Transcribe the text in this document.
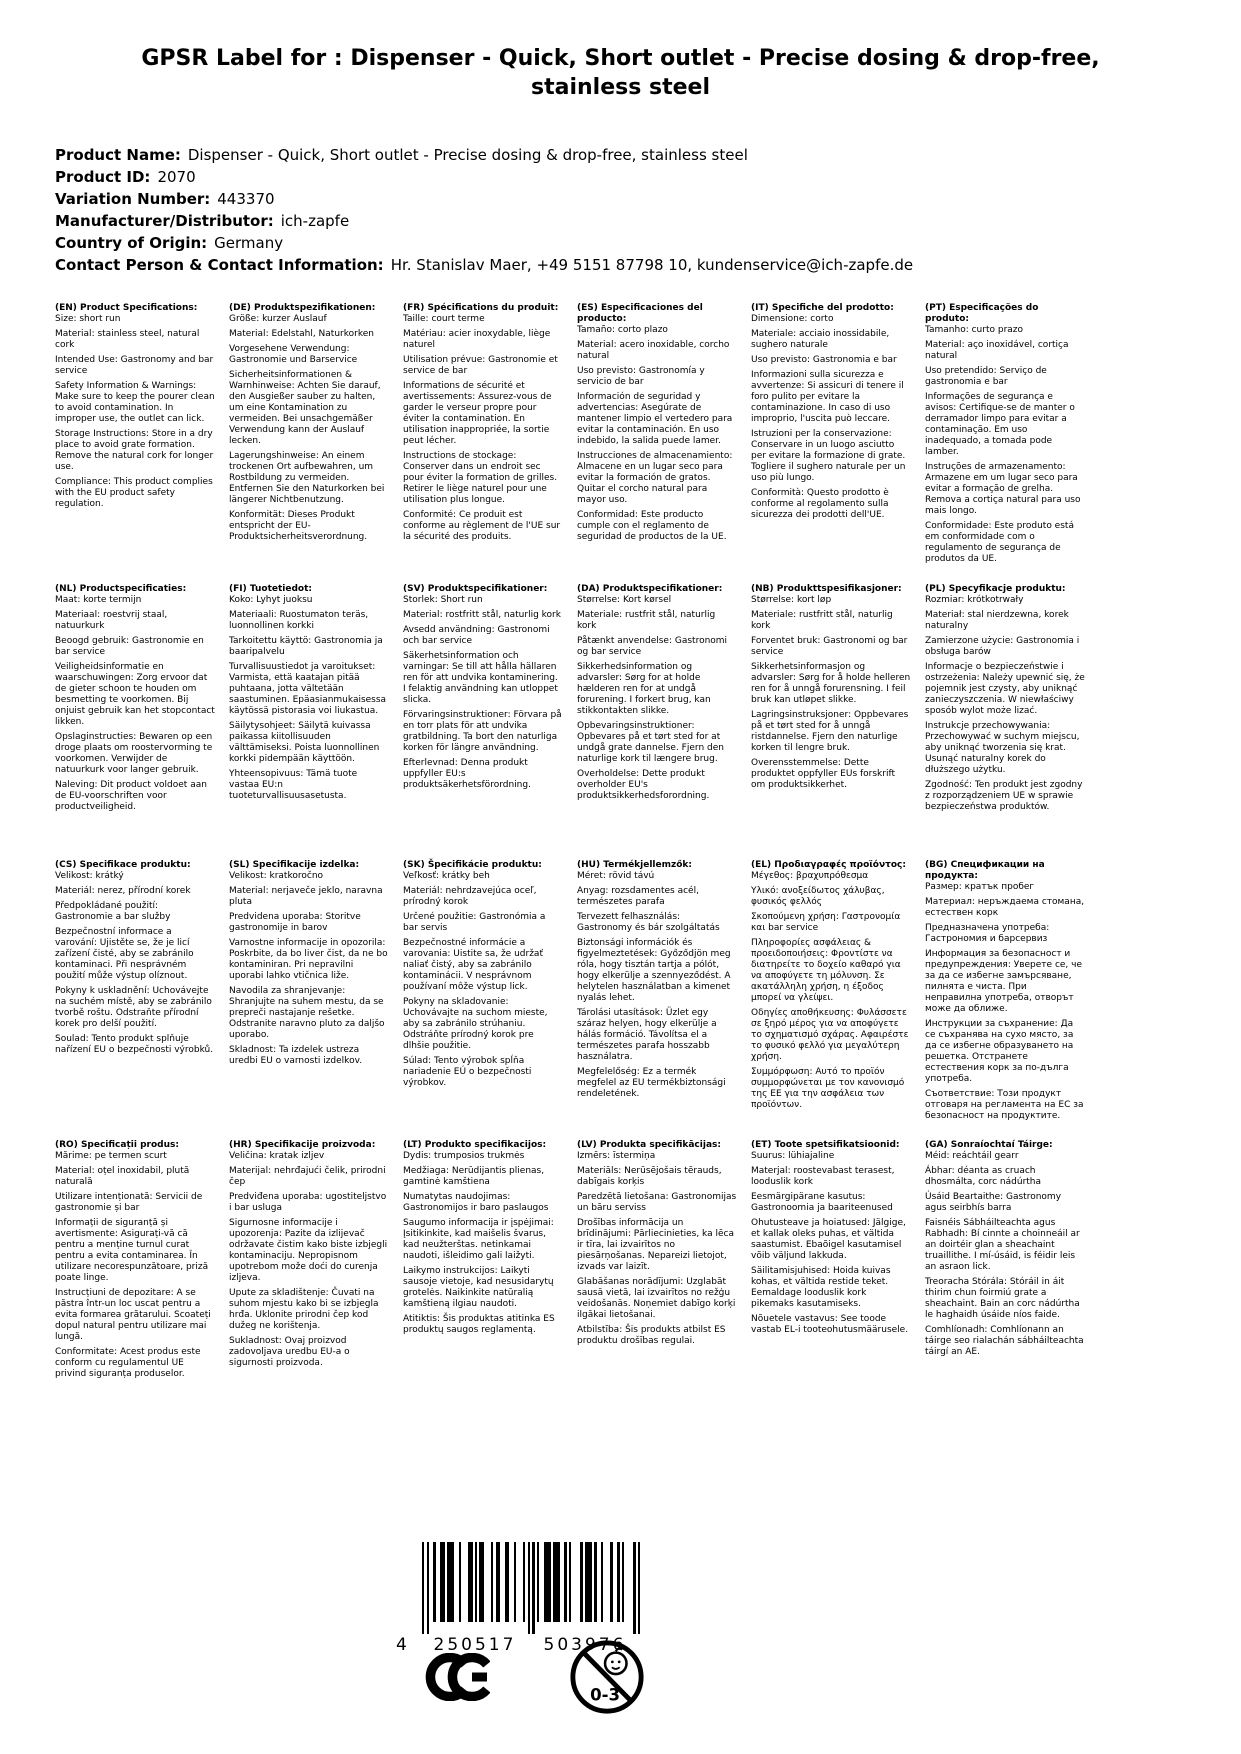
GPSR Label for : Dispenser - Quick, Short outlet - Precise dosing & drop-free, stainless steel
Product Name: Dispenser - Quick, Short outlet - Precise dosing & drop-free, stainless steel
Product ID: 2070
Variation Number: 443370
Manufacturer/Distributor: ich-zapfe
Country of Origin: Germany
Contact Person & Contact Information: Hr. Stanislav Maer, +49 5151 87798 10, kundenservice@ich-zapfe.de
(EN) Product Specifications:

Size: short run

Material: stainless steel, natural cork

Intended Use: Gastronomy and bar service

Safety Information & Warnings: Make sure to keep the pourer clean to avoid contamination. In improper use, the outlet can lick.

Storage Instructions: Store in a dry place to avoid grate formation. Remove the natural cork for longer use.

Compliance: This product complies with the EU product safety regulation.

(DE) Produktspezifikationen:

Größe: kurzer Auslauf

Material: Edelstahl, Naturkorken

Vorgesehene Verwendung: Gastronomie und Barservice

Sicherheitsinformationen & Warnhinweise: Achten Sie darauf, den Ausgießer sauber zu halten, um eine Kontamination zu vermeiden. Bei unsachgemäßer Verwendung kann der Auslauf lecken.

Lagerungshinweise: An einem trockenen Ort aufbewahren, um Rostbildung zu vermeiden. Entfernen Sie den Naturkorken bei längerer Nichtbenutzung.

Konformität: Dieses Produkt entspricht der EU-Produktsicherheitsverordnung.

(FR) Spécifications du produit:

Taille: court terme

Matériau: acier inoxydable, liège naturel

Utilisation prévue: Gastronomie et service de bar

Informations de sécurité et avertissements: Assurez-vous de garder le verseur propre pour éviter la contamination. En utilisation inappropriée, la sortie peut lécher.

Instructions de stockage: Conserver dans un endroit sec pour éviter la formation de grilles. Retirer le liège naturel pour une utilisation plus longue.

Conformité: Ce produit est conforme au règlement de l'UE sur la sécurité des produits.

(ES) Especificaciones del producto:

Tamaño: corto plazo

Material: acero inoxidable, corcho natural

Uso previsto: Gastronomía y servicio de bar

Información de seguridad y advertencias: Asegúrate de mantener limpio el vertedero para evitar la contaminación. En uso indebido, la salida puede lamer.

Instrucciones de almacenamiento: Almacene en un lugar seco para evitar la formación de gratos. Quitar el corcho natural para mayor uso.

Conformidad: Este producto cumple con el reglamento de seguridad de productos de la UE.

(IT) Specifiche del prodotto:

Dimensione: corto

Materiale: acciaio inossidabile, sughero naturale

Uso previsto: Gastronomia e bar

Informazioni sulla sicurezza e avvertenze: Si assicuri di tenere il foro pulito per evitare la contaminazione. In caso di uso improprio, l'uscita può leccare.

Istruzioni per la conservazione: Conservare in un luogo asciutto per evitare la formazione di grate. Togliere il sughero naturale per un uso più lungo.

Conformità: Questo prodotto è conforme al regolamento sulla sicurezza dei prodotti dell'UE.

(PT) Especificações do produto:

Tamanho: curto prazo

Material: aço inoxidável, cortiça natural

Uso pretendido: Serviço de gastronomia e bar

Informações de segurança e avisos: Certifique-se de manter o derramador limpo para evitar a contaminação. Em uso inadequado, a tomada pode lamber.

Instruções de armazenamento: Armazene em um lugar seco para evitar a formação de grelha. Remova a cortiça natural para uso mais longo.

Conformidade: Este produto está em conformidade com o regulamento de segurança de produtos da UE.

(NL) Productspecificaties:

Maat: korte termijn

Materiaal: roestvrij staal, natuurkurk

Beoogd gebruik: Gastronomie en bar service

Veiligheidsinformatie en waarschuwingen: Zorg ervoor dat de gieter schoon te houden om besmetting te voorkomen. Bij onjuist gebruik kan het stopcontact likken.

Opslaginstructies: Bewaren op een droge plaats om roostervorming te voorkomen. Verwijder de natuurkurk voor langer gebruik.

Naleving: Dit product voldoet aan de EU-voorschriften voor productveiligheid.

(FI) Tuotetiedot:

Koko: Lyhyt juoksu

Materiaali: Ruostumaton teräs, luonnollinen korkki

Tarkoitettu käyttö: Gastronomia ja baaripalvelu

Turvallisuustiedot ja varoitukset: Varmista, että kaatajan pitää puhtaana, jotta vältetään saastuminen. Epäasianmukaisessa käytössä pistorasia voi liukastua.

Säilytysohjeet: Säilytä kuivassa paikassa kiitollisuuden välttämiseksi. Poista luonnollinen korkki pidempään käyttöön.

Yhteensopivuus: Tämä tuote vastaa EU:n tuoteturvallisuusasetusta.

(SV) Produktspecifikationer:

Storlek: Short run

Material: rostfritt stål, naturlig kork

Avsedd användning: Gastronomi och bar service

Säkerhetsinformation och varningar: Se till att hålla hällaren ren för att undvika kontaminering. I felaktig användning kan utloppet slicka.

Förvaringsinstruktioner: Förvara på en torr plats för att undvika gratbildning. Ta bort den naturliga korken för längre användning.

Efterlevnad: Denna produkt uppfyller EU:s produktsäkerhetsförordning.

(DA) Produktspecifikationer:

Størrelse: Kort kørsel

Materiale: rustfrit stål, naturlig kork

Påtænkt anvendelse: Gastronomi og bar service

Sikkerhedsinformation og advarsler: Sørg for at holde hælderen ren for at undgå forurening. I forkert brug, kan stikkontakten slikke.

Opbevaringsinstruktioner: Opbevares på et tørt sted for at undgå grate dannelse. Fjern den naturlige kork til længere brug.

Overholdelse: Dette produkt overholder EU's produktsikkerhedsforordning.

(NB) Produkttspesifikasjoner:

Størrelse: kort løp

Materiale: rustfritt stål, naturlig kork

Forventet bruk: Gastronomi og bar service

Sikkerhetsinformasjon og advarsler: Sørg for å holde helleren ren for å unngå forurensning. I feil bruk kan utløpet slikke.

Lagringsinstruksjoner: Oppbevares på et tørt sted for å unngå ristdannelse. Fjern den naturlige korken til lengre bruk.

Overensstemmelse: Dette produktet oppfyller EUs forskrift om produktsikkerhet.

(PL) Specyfikacje produktu:

Rozmiar: krótkotrwały

Materiał: stal nierdzewna, korek naturalny

Zamierzone użycie: Gastronomia i obsługa barów

Informacje o bezpieczeństwie i ostrzeżenia: Należy upewnić się, że pojemnik jest czysty, aby uniknąć zanieczyszczenia. W niewłaściwy sposób wylot może lizać.

Instrukcje przechowywania: Przechowywać w suchym miejscu, aby uniknąć tworzenia się krat. Usunąć naturalny korek do dłuższego użytku.

Zgodność: Ten produkt jest zgodny z rozporządzeniem UE w sprawie bezpieczeństwa produktów.

(CS) Specifikace produktu:

Velikost: krátký

Materiál: nerez, přírodní korek

Předpokládané použití: Gastronomie a bar služby

Bezpečnostní informace a varování: Ujistěte se, že je licí zařízení čisté, aby se zabránilo kontaminaci. Při nesprávném použití může výstup olíznout.

Pokyny k uskladnění: Uchovávejte na suchém místě, aby se zabránilo tvorbě roštu. Odstraňte přírodní korek pro delší použití.

Soulad: Tento produkt splňuje nařízení EU o bezpečnosti výrobků.

(SL) Specifikacije izdelka:

Velikost: kratkoročno

Material: nerjaveče jeklo, naravna pluta

Predvidena uporaba: Storitve gastronomije in barov

Varnostne informacije in opozorila: Poskrbite, da bo liver čist, da ne bo kontaminiran. Pri nepravilni uporabi lahko vtičnica liže.

Navodila za shranjevanje: Shranjujte na suhem mestu, da se prepreči nastajanje rešetke. Odstranite naravno pluto za daljšo uporabo.

Skladnost: Ta izdelek ustreza uredbi EU o varnosti izdelkov.

(SK) Špecifikácie produktu:

Veľkosť: krátky beh

Materiál: nehrdzavejúca oceľ, prírodný korok

Určené použitie: Gastronómia a bar servis

Bezpečnostné informácie a varovania: Uistite sa, že udržať naliať čistý, aby sa zabránilo kontaminácii. V nesprávnom používaní môže výstup lick.

Pokyny na skladovanie: Uchovávajte na suchom mieste, aby sa zabránilo strúhaniu. Odstráňte prírodný korok pre dlhšie použitie.

Súlad: Tento výrobok spĺňa nariadenie EÚ o bezpečnosti výrobkov.

(HU) Termékjellemzők:

Méret: rövid távú

Anyag: rozsdamentes acél, természetes parafa

Tervezett felhasználás: Gastronomy és bár szolgáltatás

Biztonsági információk és figyelmeztetések: Győződjön meg róla, hogy tisztán tartja a pólót, hogy elkerülje a szennyeződést. A helytelen használatban a kimenet nyalás lehet.

Tárolási utasítások: Üzlet egy száraz helyen, hogy elkerülje a hálás formáció. Távolítsa el a természetes parafa hosszabb használatra.

Megfelelőség: Ez a termék megfelel az EU termékbiztonsági rendeletének.

(EL) Προδιαγραφές προϊόντος:

Μέγεθος: βραχυπρόθεσμα

Υλικό: ανοξείδωτος χάλυβας, φυσικός φελλός

Σκοπούμενη χρήση: Γαστρονομία και bar service

Πληροφορίες ασφάλειας & προειδοποιήσεις: Φροντίστε να διατηρείτε το δοχείο καθαρό για να αποφύγετε τη μόλυνση. Σε ακατάλληλη χρήση, η έξοδος μπορεί να γλείψει.

Οδηγίες αποθήκευσης: Φυλάσσετε σε ξηρό μέρος για να αποφύγετε το σχηματισμό σχάρας. Αφαιρέστε το φυσικό φελλό για μεγαλύτερη χρήση.

Συμμόρφωση: Αυτό το προϊόν συμμορφώνεται με τον κανονισμό της ΕΕ για την ασφάλεια των προϊόντων.

(BG) Спецификации на продукта:

Размер: кратък пробег

Материал: неръждаема стомана, естествен корк

Предназначена употреба: Гастрономия и барсервиз

Информация за безопасност и предупреждения: Уверете се, че за да се избегне замърсяване, пилнята е чиста. При неправилна употреба, отворът може да оближе.

Инструкции за съхранение: Да се съхранява на сухо място, за да се избегне образуването на решетка. Отстранете естествения корк за по-дълга употреба.

Съответствие: Този продукт отговаря на регламента на ЕС за безопасност на продуктите.

(RO) Specificații produs:

Mărime: pe termen scurt

Material: oțel inoxidabil, plută naturală

Utilizare intenționată: Servicii de gastronomie și bar

Informații de siguranță și avertismente: Asigurați-vă că pentru a menține turnul curat pentru a evita contaminarea. În utilizare necorespunzătoare, priză poate linge.

Instrucțiuni de depozitare: A se păstra într-un loc uscat pentru a evita formarea grătarului. Scoateți dopul natural pentru utilizare mai lungă.

Conformitate: Acest produs este conform cu regulamentul UE privind siguranța produselor.

(HR) Specifikacije proizvoda:

Veličina: kratak izljev

Materijal: nehrđajući čelik, prirodni čep

Predviđena uporaba: ugostiteljstvo i bar usluga

Sigurnosne informacije i upozorenja: Pazite da izlijevač održavate čistim kako biste izbjegli kontaminaciju. Nepropisnom upotrebom može doći do curenja izljeva.

Upute za skladištenje: Čuvati na suhom mjestu kako bi se izbjegla hrđa. Uklonite prirodni čep kod dužeg ne korištenja.

Sukladnost: Ovaj proizvod zadovoljava uredbu EU-a o sigurnosti proizvoda.

(LT) Produkto specifikacijos:

Dydis: trumposios trukmės

Medžiaga: Nerūdijantis plienas, gamtinė kamštiena

Numatytas naudojimas: Gastronomijos ir baro paslaugos

Saugumo informacija ir įspėjimai: Įsitikinkite, kad maišelis švarus, kad neužterštas. netinkamai naudoti, išleidimo gali laižyti.

Laikymo instrukcijos: Laikyti sausoje vietoje, kad nesusidarytų grotelės. Naikinkite natūralią kamštieną ilgiau naudoti.

Atitiktis: Šis produktas atitinka ES produktų saugos reglamentą.

(LV) Produkta specifikācijas:

Izmērs: īstermiņa

Materiāls: Nerūsējošais tērauds, dabīgais korķis

Paredzētā lietošana: Gastronomijas un bāru serviss

Drošības informācija un brīdinājumi: Pārliecinieties, ka lēca ir tīra, lai izvairītos no piesārņošanas. Nepareizi lietojot, izvads var laizīt.

Glabāšanas norādījumi: Uzglabāt sausā vietā, lai izvairītos no režģu veidošanās. Noņemiet dabīgo korķi ilgākai lietošanai.

Atbilstība: Šis produkts atbilst ES produktu drošības regulai.

(ET) Toote spetsifikatsioonid:

Suurus: lühiajaline

Materjal: roostevabast terasest, looduslik kork

Eesmärgipärane kasutus: Gastronoomia ja baariteenused

Ohutusteave ja hoiatused: Jälgige, et kallak oleks puhas, et vältida saastumist. Ebaõigel kasutamisel võib väljund lakkuda.

Säilitamisjuhised: Hoida kuivas kohas, et vältida restide teket. Eemaldage looduslik kork pikemaks kasutamiseks.

Nõuetele vastavus: See toode vastab EL-i tooteohutusmäärusele.

(GA) Sonraíochtaí Táirge:

Méid: reáchtáil gearr

Ábhar: déanta as cruach dhosmálta, corc nádúrtha

Úsáid Beartaithe: Gastronomy agus seirbhís barra

Faisnéis Sábháilteachta agus Rabhadh: Bí cinnte a choinneáil ar an doirtéir glan a sheachaint truaillithe. I mí-úsáid, is féidir leis an asraon lick.

Treoracha Stórála: Stóráil in áit thirim chun foirmiú grate a sheachaint. Bain an corc nádúrtha le haghaidh úsáide níos faide.

Comhlíonadh: Comhlíonann an táirge seo rialachán sábháilteachta táirgí an AE.

4	250517	503976
0-3
